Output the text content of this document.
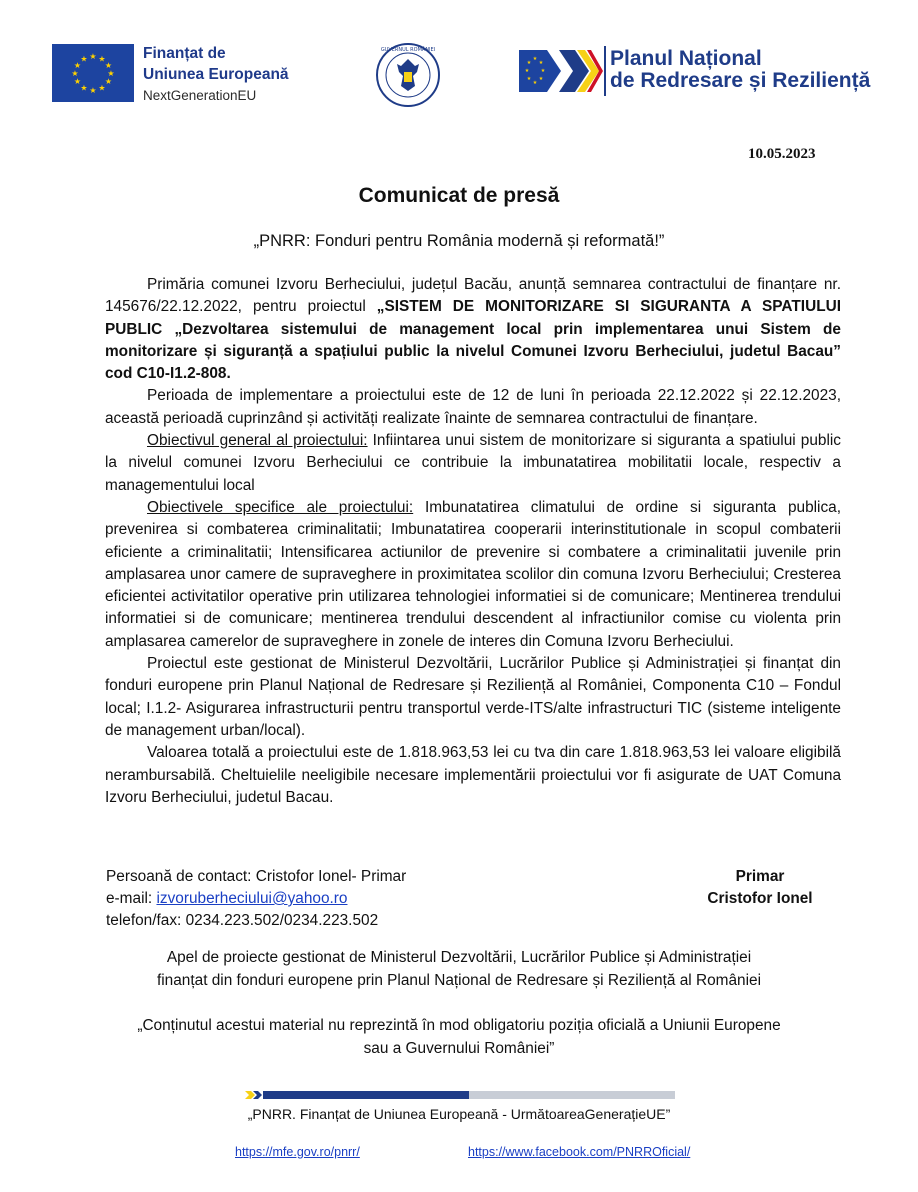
★ ★
★
★
★
★
★
★
★
★
★
★	Finanțat de
Uniunea Europeană
NextGenerationEU
GUVERNUL ROMÂNIEI
★
★
★
★
★
★
★
★	Planul Național
de Redresare și Reziliență
10.05.2023
Comunicat de presă
„PNRR: Fonduri pentru România modernă și reformată!”

Primăria comunei Izvoru Berheciului, județul Bacău, anunță semnarea contractului de finanțare nr. 145676/22.12.2022, pentru proiectul „SISTEM DE MONITORIZARE SI SIGURANTA A SPATIULUI PUBLIC „Dezvoltarea sistemului de management local prin implementarea unui Sistem de monitorizare și siguranță a spațiului public la nivelul Comunei Izvoru Berheciului, judetul Bacau” cod C10-I1.2-808.

Perioada de implementare a proiectului este de 12 de luni în perioada 22.12.2022 și 22.12.2023, această perioadă cuprinzând și activități realizate înainte de semnarea contractului de finanțare.

Obiectivul general al proiectului: Infiintarea unui sistem de monitorizare si siguranta a spatiului public la nivelul comunei Izvoru Berheciului ce contribuie la imbunatatirea mobilitatii locale, respectiv a managementului local

Obiectivele specifice ale proiectului: Imbunatatirea climatului de ordine si siguranta publica, prevenirea si combaterea criminalitatii; Imbunatatirea cooperarii interinstitutionale in scopul combaterii eficiente a criminalitatii; Intensificarea actiunilor de prevenire si combatere a criminalitatii juvenile prin amplasarea unor camere de supraveghere in proximitatea scolilor din comuna Izvoru Berheciului; Cresterea eficientei activitatilor operative prin utilizarea tehnologiei informatiei si de comunicare; Mentinerea trendului informatiei si de comunicare; mentinerea trendului descendent al infractiunilor comise cu violenta prin amplasarea camerelor de supraveghere in zonele de interes din Comuna Izvoru Berheciului.

Proiectul este gestionat de Ministerul Dezvoltării, Lucrărilor Publice și Administrației și finanțat din fonduri europene prin Planul Național de Redresare și Reziliență al României, Componenta C10 – Fondul local; I.1.2- Asigurarea infrastructurii pentru transportul verde-ITS/alte infrastructuri TIC (sisteme inteligente de management urban/local).

Valoarea totală a proiectului este de 1.818.963,53 lei cu tva din care 1.818.963,53 lei valoare eligibilă nerambursabilă. Cheltuielile neeligibile necesare implementării proiectului vor fi asigurate de UAT Comuna Izvoru Berheciului, judetul Bacau.

Persoană de contact: Cristofor Ionel- Primar
e-mail: izvoruberheciului@yahoo.ro
telefon/fax: 0234.223.502/0234.223.502
Primar
Cristofor Ionel
Apel de proiecte gestionat de Ministerul Dezvoltării, Lucrărilor Publice și Administrației
finanțat din fonduri europene prin Planul Național de Redresare și Reziliență al României
„Conținutul acestui material nu reprezintă în mod obligatoriu poziția oficială a Uniunii Europene
sau a Guvernului României”
„PNRR. Finanțat de Uniunea Europeană - UrmătoareaGenerațieUE”
https://mfe.gov.ro/pnrr/	https://www.facebook.com/PNRROficial/
